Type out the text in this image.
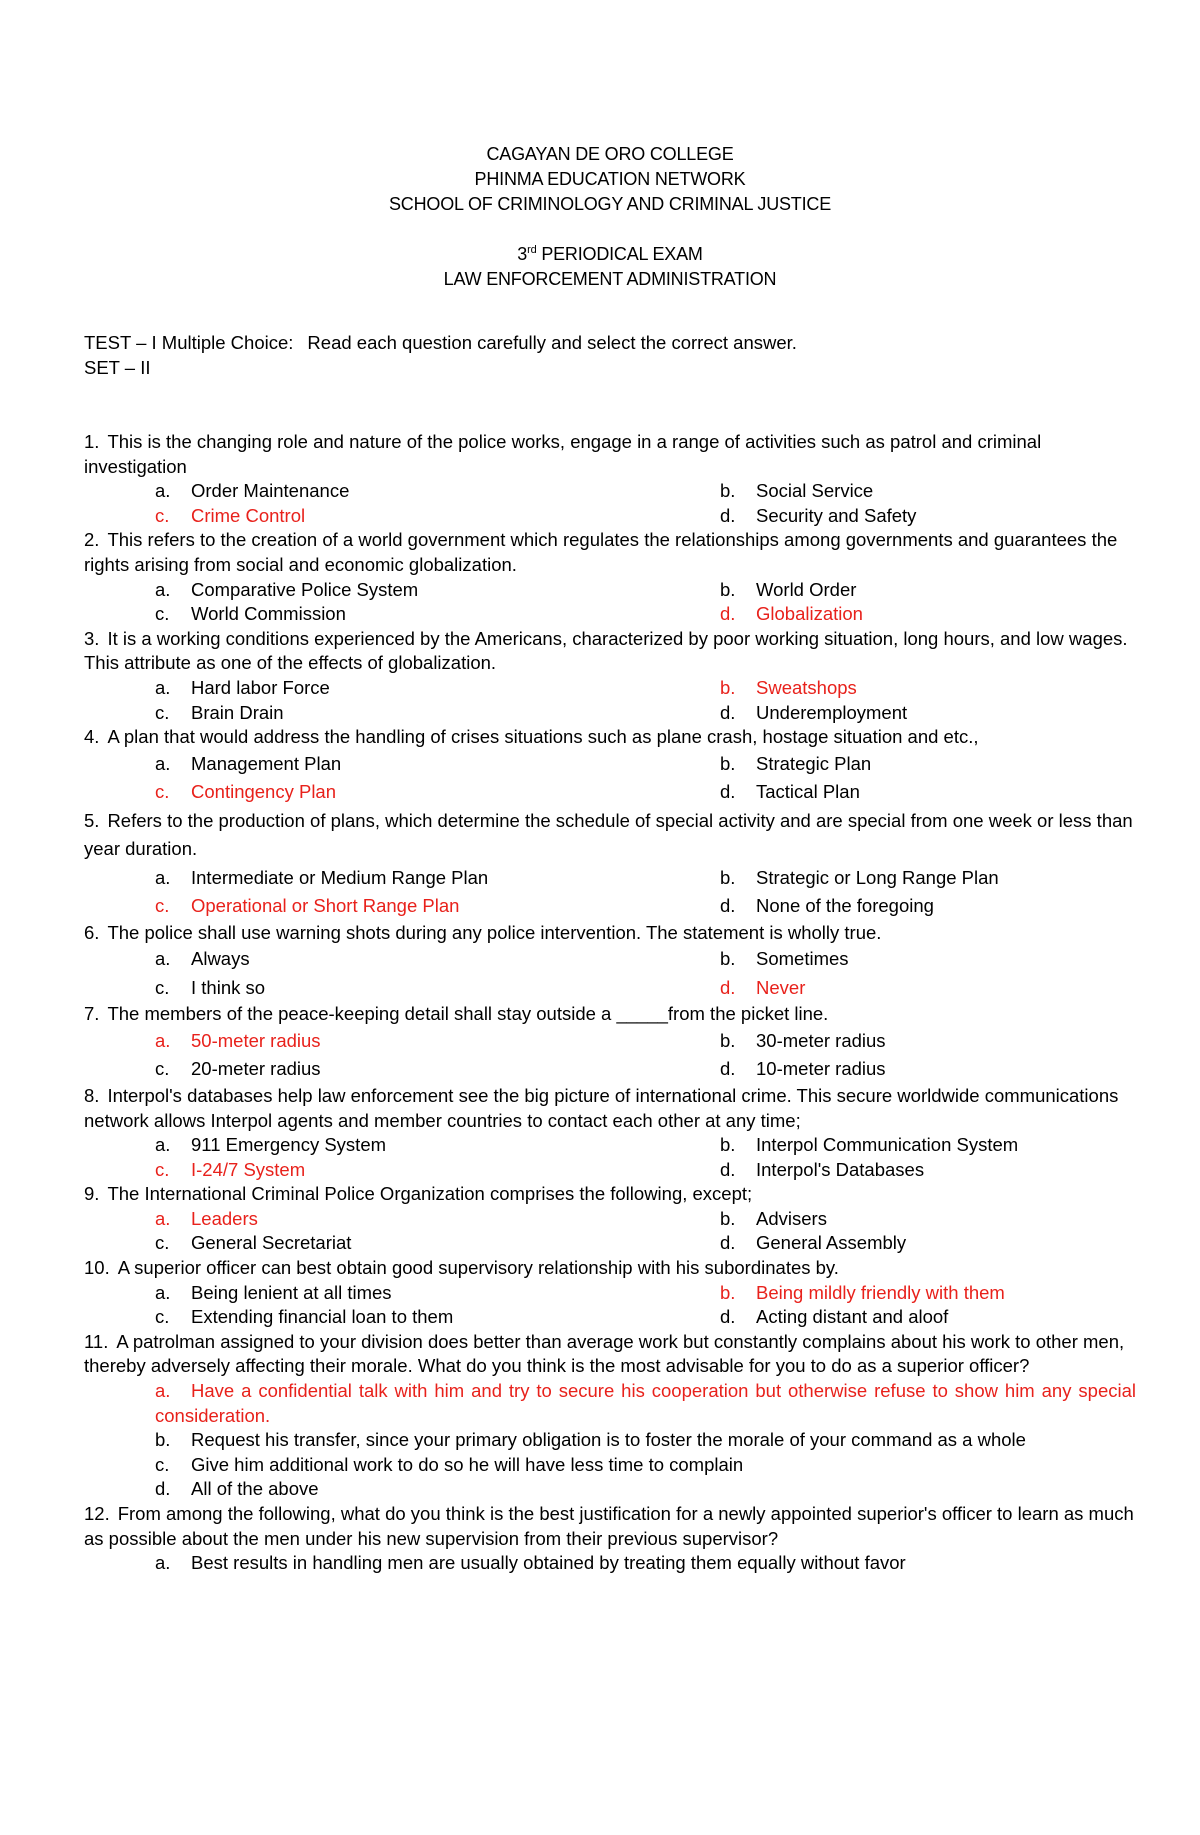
CAGAYAN DE ORO COLLEGE
PHINMA EDUCATION NETWORK
SCHOOL OF CRIMINOLOGY AND CRIMINAL JUSTICE
3rd PERIODICAL EXAM
LAW ENFORCEMENT ADMINISTRATION
TEST – I Multiple Choice: Read each question carefully and select the correct answer.
SET – II

1. This is the changing role and nature of the police works, engage in a range of activities such as patrol and criminal investigation

a. Order Maintenance	b. Social Service
c. Crime Control	d. Security and Safety

2. This refers to the creation of a world government which regulates the relationships among governments and guarantees the rights arising from social and economic globalization.

a. Comparative Police System	b. World Order
c. World Commission	d. Globalization

3. It is a working conditions experienced by the Americans, characterized by poor working situation, long hours, and low wages. This attribute as one of the effects of globalization.

a. Hard labor Force	b. Sweatshops
c. Brain Drain	d. Underemployment

4. A plan that would address the handling of crises situations such as plane crash, hostage situation and etc.,

a. Management Plan	b. Strategic Plan
c. Contingency Plan	d. Tactical Plan

5. Refers to the production of plans, which determine the schedule of special activity and are special from one week or less than year duration.

a. Intermediate or Medium Range Plan	b. Strategic or Long Range Plan
c. Operational or Short Range Plan	d. None of the foregoing

6. The police shall use warning shots during any police intervention. The statement is wholly true.

a. Always	b. Sometimes
c. I think so	d. Never

7. The members of the peace-keeping detail shall stay outside a _____from the picket line.

a. 50-meter radius	b. 30-meter radius
c. 20-meter radius	d. 10-meter radius

8. Interpol's databases help law enforcement see the big picture of international crime. This secure worldwide communications network allows Interpol agents and member countries to contact each other at any time;

a. 911 Emergency System	b. Interpol Communication System
c. I-24/7 System	d. Interpol's Databases

9. The International Criminal Police Organization comprises the following, except;

a. Leaders	b. Advisers
c. General Secretariat	d. General Assembly

10. A superior officer can best obtain good supervisory relationship with his subordinates by.

a. Being lenient at all times	b. Being mildly friendly with them
c. Extending financial loan to them	d. Acting distant and aloof

11. A patrolman assigned to your division does better than average work but constantly complains about his work to other men, thereby adversely affecting their morale. What do you think is the most advisable for you to do as a superior officer?

a. Have a confidential talk with him and try to secure his cooperation but otherwise refuse to show him any special consideration.
b. Request his transfer, since your primary obligation is to foster the morale of your command as a whole
c. Give him additional work to do so he will have less time to complain
d. All of the above

12. From among the following, what do you think is the best justification for a newly appointed superior's officer to learn as much as possible about the men under his new supervision from their previous supervisor?

a. Best results in handling men are usually obtained by treating them equally without favor
